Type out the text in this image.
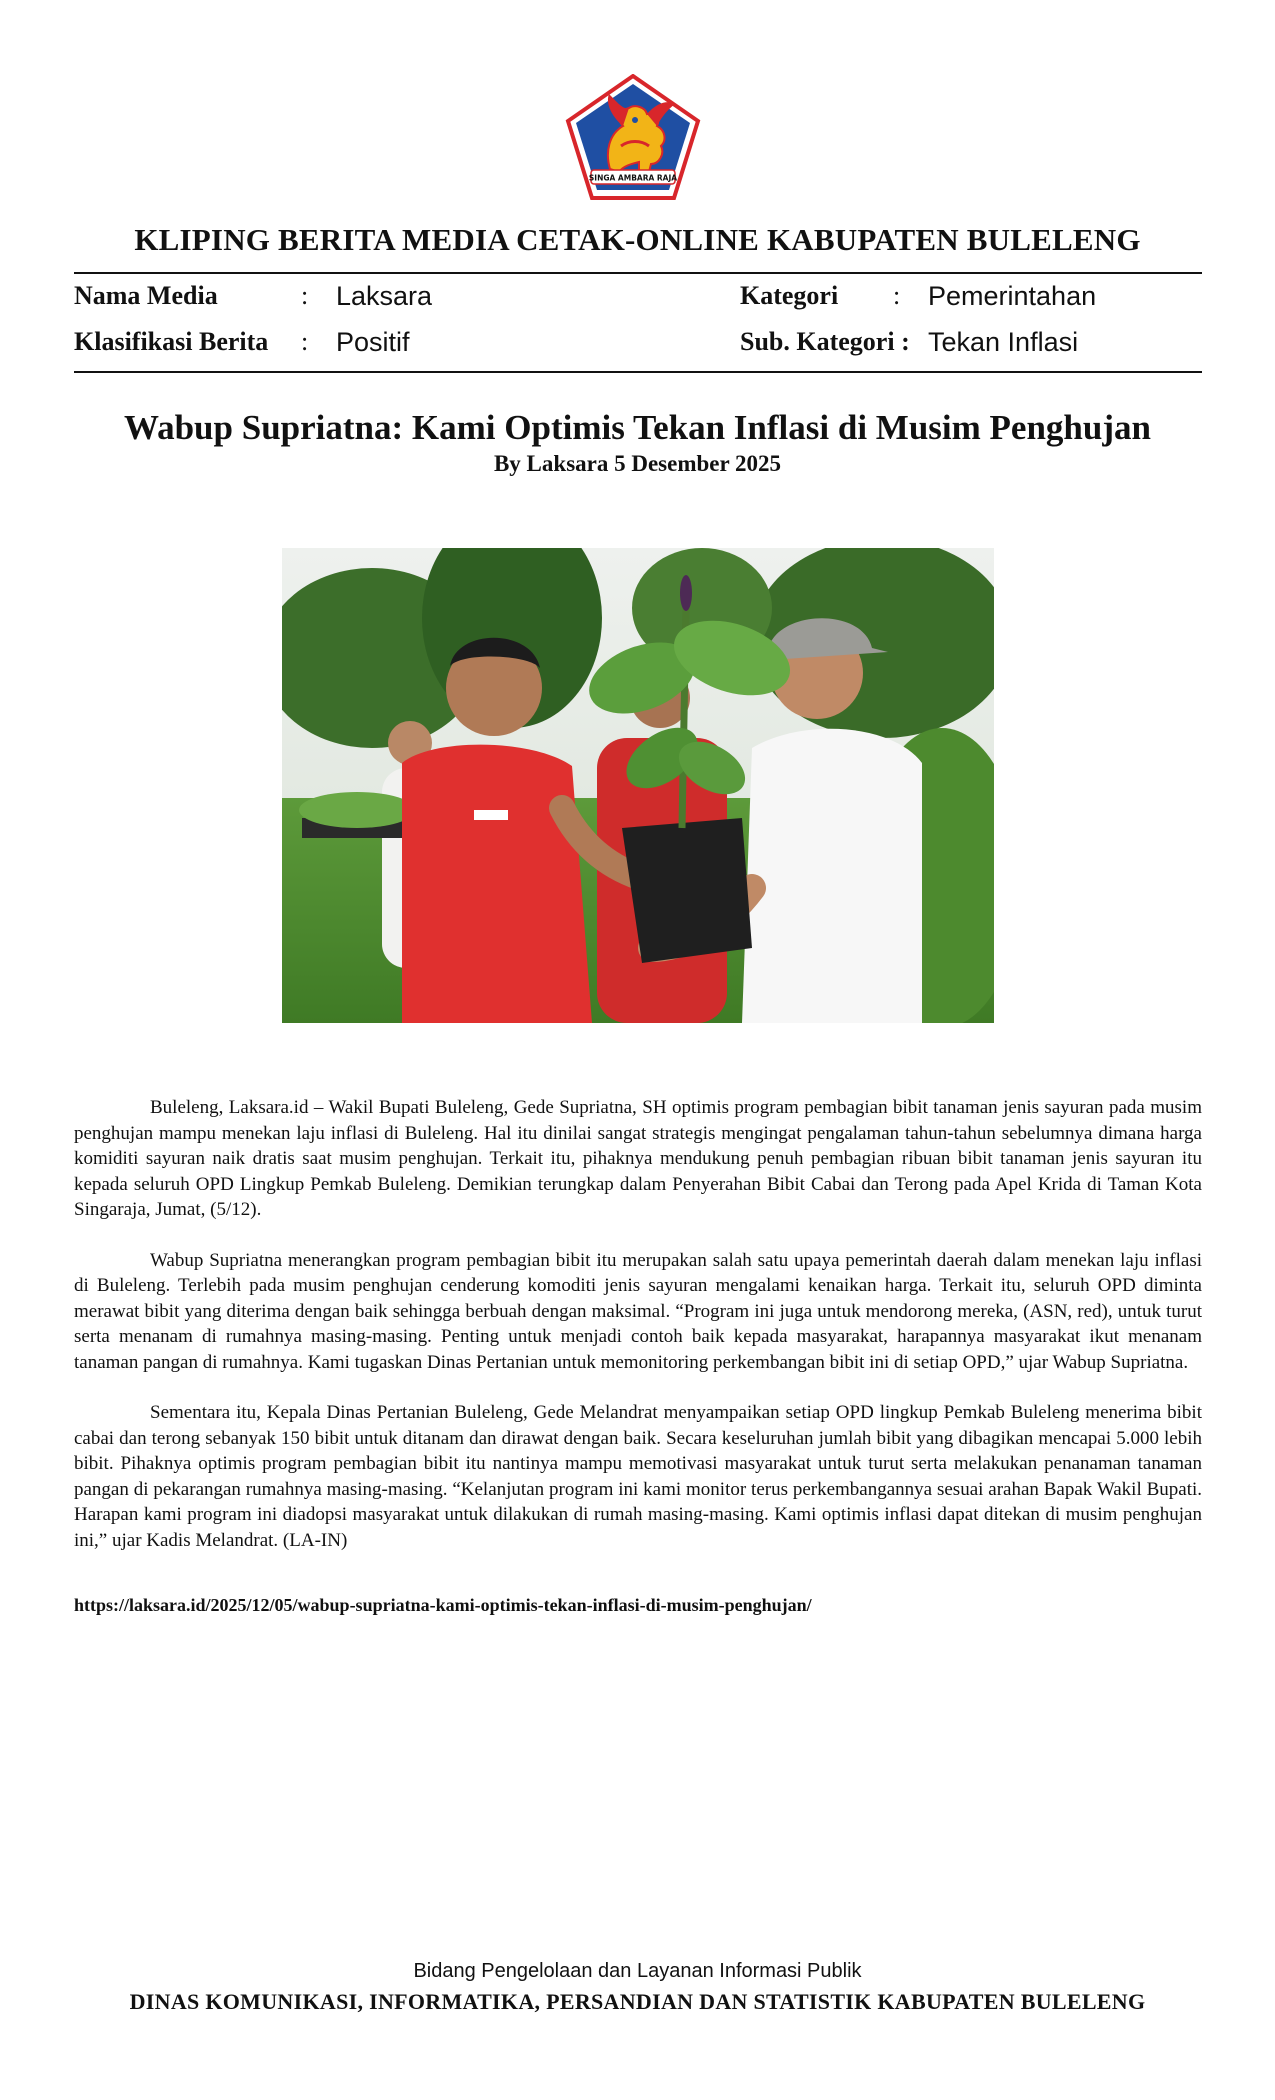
SINGA AMBARA RAJA
KLIPING BERITA MEDIA CETAK-ONLINE KABUPATEN BULELENG
Nama Media	: Laksara
Klasifikasi Berita : Positif
Kategori : Pemerintahan
Sub. Kategori : Tekan Inflasi
Wabup Supriatna: Kami Optimis Tekan Inflasi di Musim Penghujan
By Laksara 5 Desember 2025

Buleleng, Laksara.id – Wakil Bupati Buleleng, Gede Supriatna, SH optimis program pembagian bibit tanaman jenis sayuran pada musim penghujan mampu menekan laju inflasi di Buleleng. Hal itu dinilai sangat strategis mengingat pengalaman tahun-tahun sebelumnya dimana harga komiditi sayuran naik dratis saat musim penghujan. Terkait itu, pihaknya mendukung penuh pembagian ribuan bibit tanaman jenis sayuran itu kepada seluruh OPD Lingkup Pemkab Buleleng. Demikian terungkap dalam Penyerahan Bibit Cabai dan Terong pada Apel Krida di Taman Kota Singaraja, Jumat, (5/12).

Wabup Supriatna menerangkan program pembagian bibit itu merupakan salah satu upaya pemerintah daerah dalam menekan laju inflasi di Buleleng. Terlebih pada musim penghujan cenderung komoditi jenis sayuran mengalami kenaikan harga. Terkait itu, seluruh OPD diminta merawat bibit yang diterima dengan baik sehingga berbuah dengan maksimal. “Program ini juga untuk mendorong mereka, (ASN, red), untuk turut serta menanam di rumahnya masing-masing. Penting untuk menjadi contoh baik kepada masyarakat, harapannya masyarakat ikut menanam tanaman pangan di rumahnya. Kami tugaskan Dinas Pertanian untuk memonitoring perkembangan bibit ini di setiap OPD,” ujar Wabup Supriatna.

Sementara itu, Kepala Dinas Pertanian Buleleng, Gede Melandrat menyampaikan setiap OPD lingkup Pemkab Buleleng menerima bibit cabai dan terong sebanyak 150 bibit untuk ditanam dan dirawat dengan baik. Secara keseluruhan jumlah bibit yang dibagikan mencapai 5.000 lebih bibit. Pihaknya optimis program pembagian bibit itu nantinya mampu memotivasi masyarakat untuk turut serta melakukan penanaman tanaman pangan di pekarangan rumahnya masing-masing. “Kelanjutan program ini kami monitor terus perkembangannya sesuai arahan Bapak Wakil Bupati. Harapan kami program ini diadopsi masyarakat untuk dilakukan di rumah masing-masing. Kami optimis inflasi dapat ditekan di musim penghujan ini,” ujar Kadis Melandrat. (LA-IN)

https://laksara.id/2025/12/05/wabup-supriatna-kami-optimis-tekan-inflasi-di-musim-penghujan/
Bidang Pengelolaan dan Layanan Informasi Publik
DINAS KOMUNIKASI, INFORMATIKA, PERSANDIAN DAN STATISTIK KABUPATEN BULELENG
